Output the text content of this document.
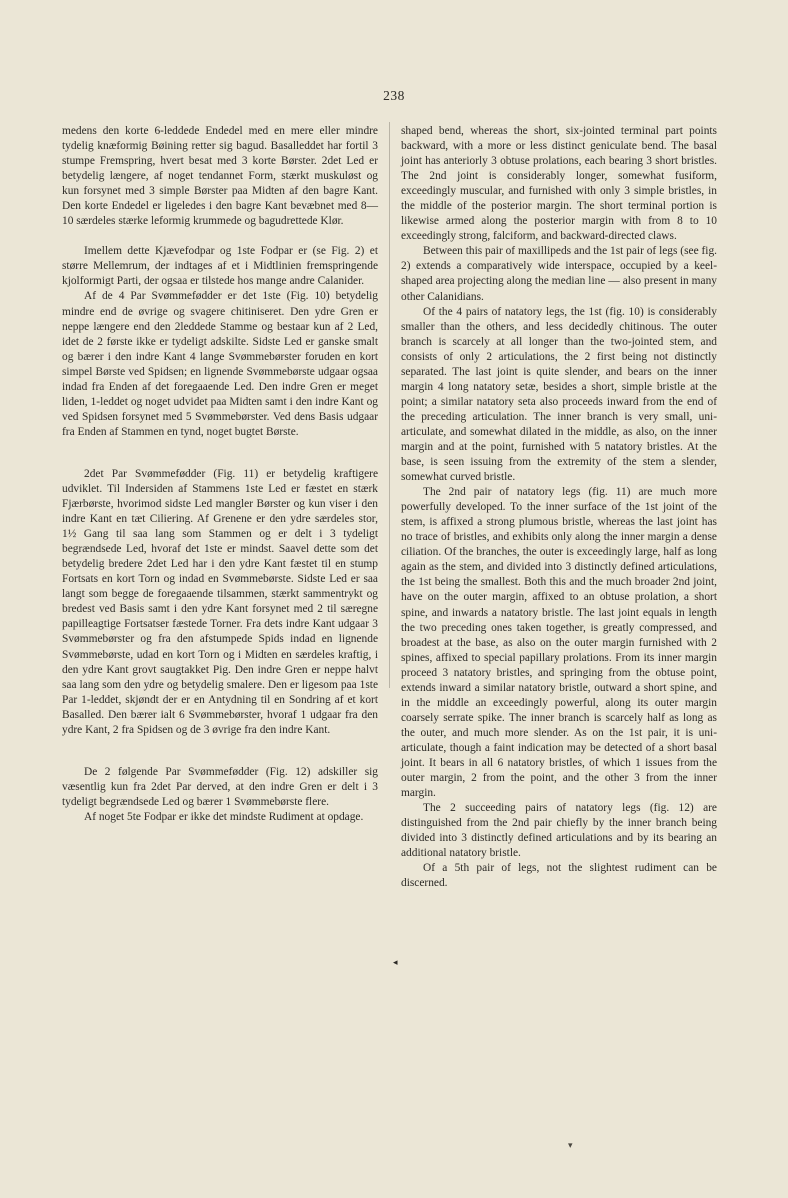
238

medens den korte 6-leddede Endedel med en mere eller mindre tydelig knæformig Bøining retter sig bagud. Basalleddet har fortil 3 stumpe Fremspring, hvert besat med 3 korte Børster. 2det Led er betydelig længere, af noget tendannet Form, stærkt muskuløst og kun forsynet med 3 simple Børster paa Midten af den bagre Kant. Den korte Endedel er ligeledes i den bagre Kant bevæbnet med 8—10 særdeles stærke leformig krummede og bagudrettede Klør.

Imellem dette Kjævefodpar og 1ste Fodpar er (se Fig. 2) et større Mellemrum, der indtages af et i Midtlinien fremspringende kjolformigt Parti, der ogsaa er tilstede hos mange andre Calanider.

Af de 4 Par Svømmefødder er det 1ste (Fig. 10) betydelig mindre end de øvrige og svagere chitiniseret. Den ydre Gren er neppe længere end den 2leddede Stamme og bestaar kun af 2 Led, idet de 2 første ikke er tydeligt adskilte. Sidste Led er ganske smalt og bærer i den indre Kant 4 lange Svømmebørster foruden en kort simpel Børste ved Spidsen; en lignende Svømmebørste udgaar ogsaa indad fra Enden af det foregaaende Led. Den indre Gren er meget liden, 1-leddet og noget udvidet paa Midten samt i den indre Kant og ved Spidsen forsynet med 5 Svømmebørster. Ved dens Basis udgaar fra Enden af Stammen en tynd, noget bugtet Børste.

2det Par Svømmefødder (Fig. 11) er betydelig kraftigere udviklet. Til Indersiden af Stammens 1ste Led er fæstet en stærk Fjærbørste, hvorimod sidste Led mangler Børster og kun viser i den indre Kant en tæt Ciliering. Af Grenene er den ydre særdeles stor, 1½ Gang til saa lang som Stammen og er delt i 3 tydeligt begrændsede Led, hvoraf det 1ste er mindst. Saavel dette som det betydelig bredere 2det Led har i den ydre Kant fæstet til en stump Fortsats en kort Torn og indad en Svømmebørste. Sidste Led er saa langt som begge de foregaaende tilsammen, stærkt sammentrykt og bredest ved Basis samt i den ydre Kant forsynet med 2 til særegne papilleagtige Fortsatser fæstede Torner. Fra dets indre Kant udgaar 3 Svømmebørster og fra den afstumpede Spids indad en lignende Svømmebørste, udad en kort Torn og i Midten en særdeles kraftig, i den ydre Kant grovt saugtakket Pig. Den indre Gren er neppe halvt saa lang som den ydre og betydelig smalere. Den er ligesom paa 1ste Par 1-leddet, skjøndt der er en Antydning til en Sondring af et kort Basalled. Den bærer ialt 6 Svømmebørster, hvoraf 1 udgaar fra den ydre Kant, 2 fra Spidsen og de 3 øvrige fra den indre Kant.

De 2 følgende Par Svømmefødder (Fig. 12) adskiller sig væsentlig kun fra 2det Par derved, at den indre Gren er delt i 3 tydeligt begrændsede Led og bærer 1 Svømmebørste flere.

Af noget 5te Fodpar er ikke det mindste Rudiment at opdage.

shaped bend, whereas the short, six-jointed terminal part points backward, with a more or less distinct geniculate bend. The basal joint has anteriorly 3 obtuse prolations, each bearing 3 short bristles. The 2nd joint is considerably longer, somewhat fusiform, exceedingly muscular, and furnished with only 3 simple bristles, in the middle of the posterior margin. The short terminal portion is likewise armed along the posterior margin with from 8 to 10 exceedingly strong, falciform, and backward-directed claws.

Between this pair of maxillipeds and the 1st pair of legs (see fig. 2) extends a comparatively wide interspace, occupied by a keel-shaped area projecting along the median line — also present in many other Calanidians.

Of the 4 pairs of natatory legs, the 1st (fig. 10) is considerably smaller than the others, and less decidedly chitinous. The outer branch is scarcely at all longer than the two-jointed stem, and consists of only 2 articulations, the 2 first being not distinctly separated. The last joint is quite slender, and bears on the inner margin 4 long natatory setæ, besides a short, simple bristle at the point; a similar natatory seta also proceeds inward from the end of the preceding articulation. The inner branch is very small, uni-articulate, and somewhat dilated in the middle, as also, on the inner margin and at the point, furnished with 5 natatory bristles. At the base, is seen issuing from the extremity of the stem a slender, somewhat curved bristle.

The 2nd pair of natatory legs (fig. 11) are much more powerfully developed. To the inner surface of the 1st joint of the stem, is affixed a strong plumous bristle, whereas the last joint has no trace of bristles, and exhibits only along the inner margin a dense ciliation. Of the branches, the outer is exceedingly large, half as long again as the stem, and divided into 3 distinctly defined articulations, the 1st being the smallest. Both this and the much broader 2nd joint, have on the outer margin, affixed to an obtuse prolation, a short spine, and inwards a natatory bristle. The last joint equals in length the two preceding ones taken together, is greatly compressed, and broadest at the base, as also on the outer margin furnished with 2 spines, affixed to special papillary prolations. From its inner margin proceed 3 natatory bristles, and springing from the obtuse point, extends inward a similar natatory bristle, outward a short spine, and in the middle an exceedingly powerful, along its outer margin coarsely serrate spike. The inner branch is scarcely half as long as the outer, and much more slender. As on the 1st pair, it is uni-articulate, though a faint indication may be detected of a short basal joint. It bears in all 6 natatory bristles, of which 1 issues from the outer margin, 2 from the point, and the other 3 from the inner margin.

The 2 succeeding pairs of natatory legs (fig. 12) are distinguished from the 2nd pair chiefly by the inner branch being divided into 3 distinctly defined articulations and by its bearing an additional natatory bristle.

Of a 5th pair of legs, not the slightest rudiment can be discerned.

◂
▾
